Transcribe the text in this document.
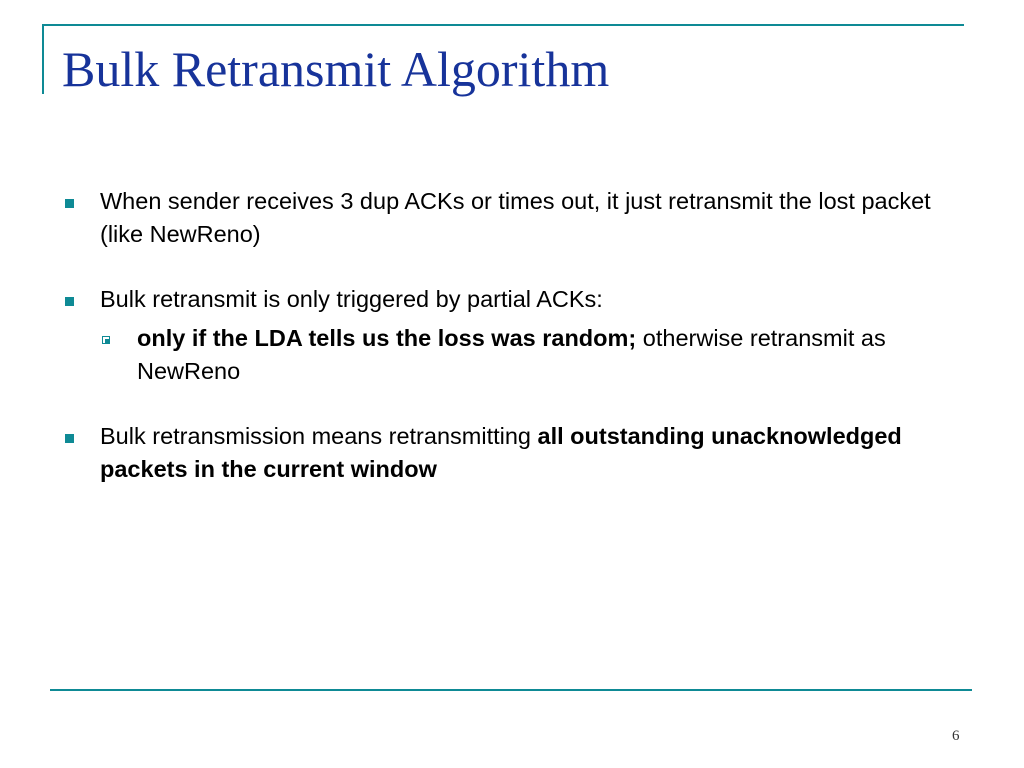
Bulk Retransmit Algorithm
When sender receives 3 dup ACKs or times out, it just retransmit the lost packet (like NewReno)
Bulk retransmit is only triggered by partial ACKs:
only if the LDA tells us the loss was random; otherwise retransmit as NewReno
Bulk retransmission means retransmitting all outstanding unacknowledged packets in the current window
6
